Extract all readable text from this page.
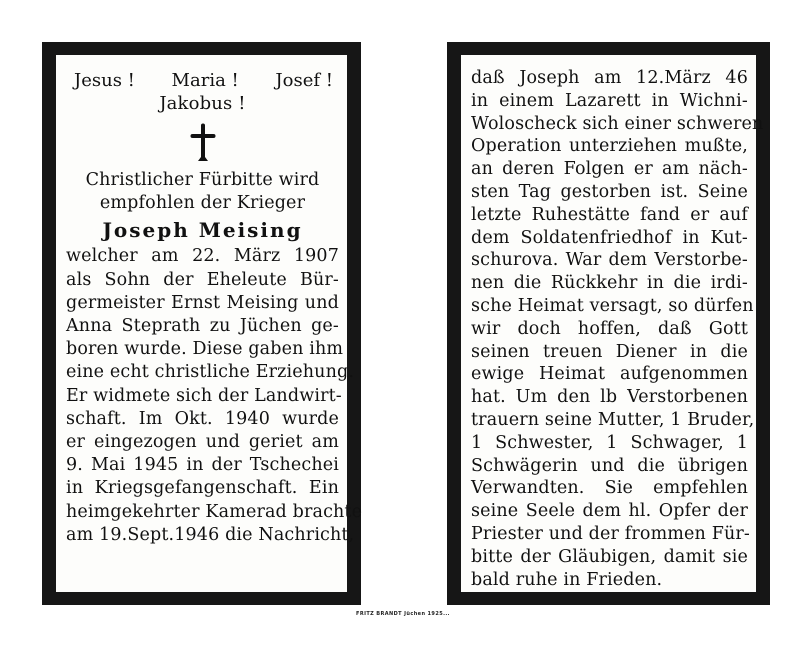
Jesus ! Maria ! Josef !
Jakobus !
Christlicher Fürbitte wird
empfohlen der Krieger
Joseph Meising
welcher am 22. März 1907
als Sohn der Eheleute Bür-
germeister Ernst Meising und
Anna Steprath zu Jüchen ge-
boren wurde. Diese gaben ihm
eine echt christliche Erziehung.
Er widmete sich der Landwirt-
schaft. Im Okt. 1940 wurde
er eingezogen und geriet am
9. Mai 1945 in der Tschechei
in Kriegsgefangenschaft. Ein
heimgekehrter Kamerad brachte
am 19.Sept.1946 die Nachricht,
daß Joseph am 12.März 46
in einem Lazarett in Wichni-
Woloscheck sich einer schweren
Operation unterziehen mußte,
an deren Folgen er am näch-
sten Tag gestorben ist. Seine
letzte Ruhestätte fand er auf
dem Soldatenfriedhof in Kut-
schurova. War dem Verstorbe-
nen die Rückkehr in die irdi-
sche Heimat versagt, so dürfen
wir doch hoffen, daß Gott
seinen treuen Diener in die
ewige Heimat aufgenommen
hat. Um den lb Verstorbenen
trauern seine Mutter, 1 Bruder,
1 Schwester, 1 Schwager, 1
Schwägerin und die übrigen
Verwandten. Sie empfehlen
seine Seele dem hl. Opfer der
Priester und der frommen Für-
bitte der Gläubigen, damit sie
bald ruhe in Frieden.
FRITZ BRANDT Jüchen 1925...
